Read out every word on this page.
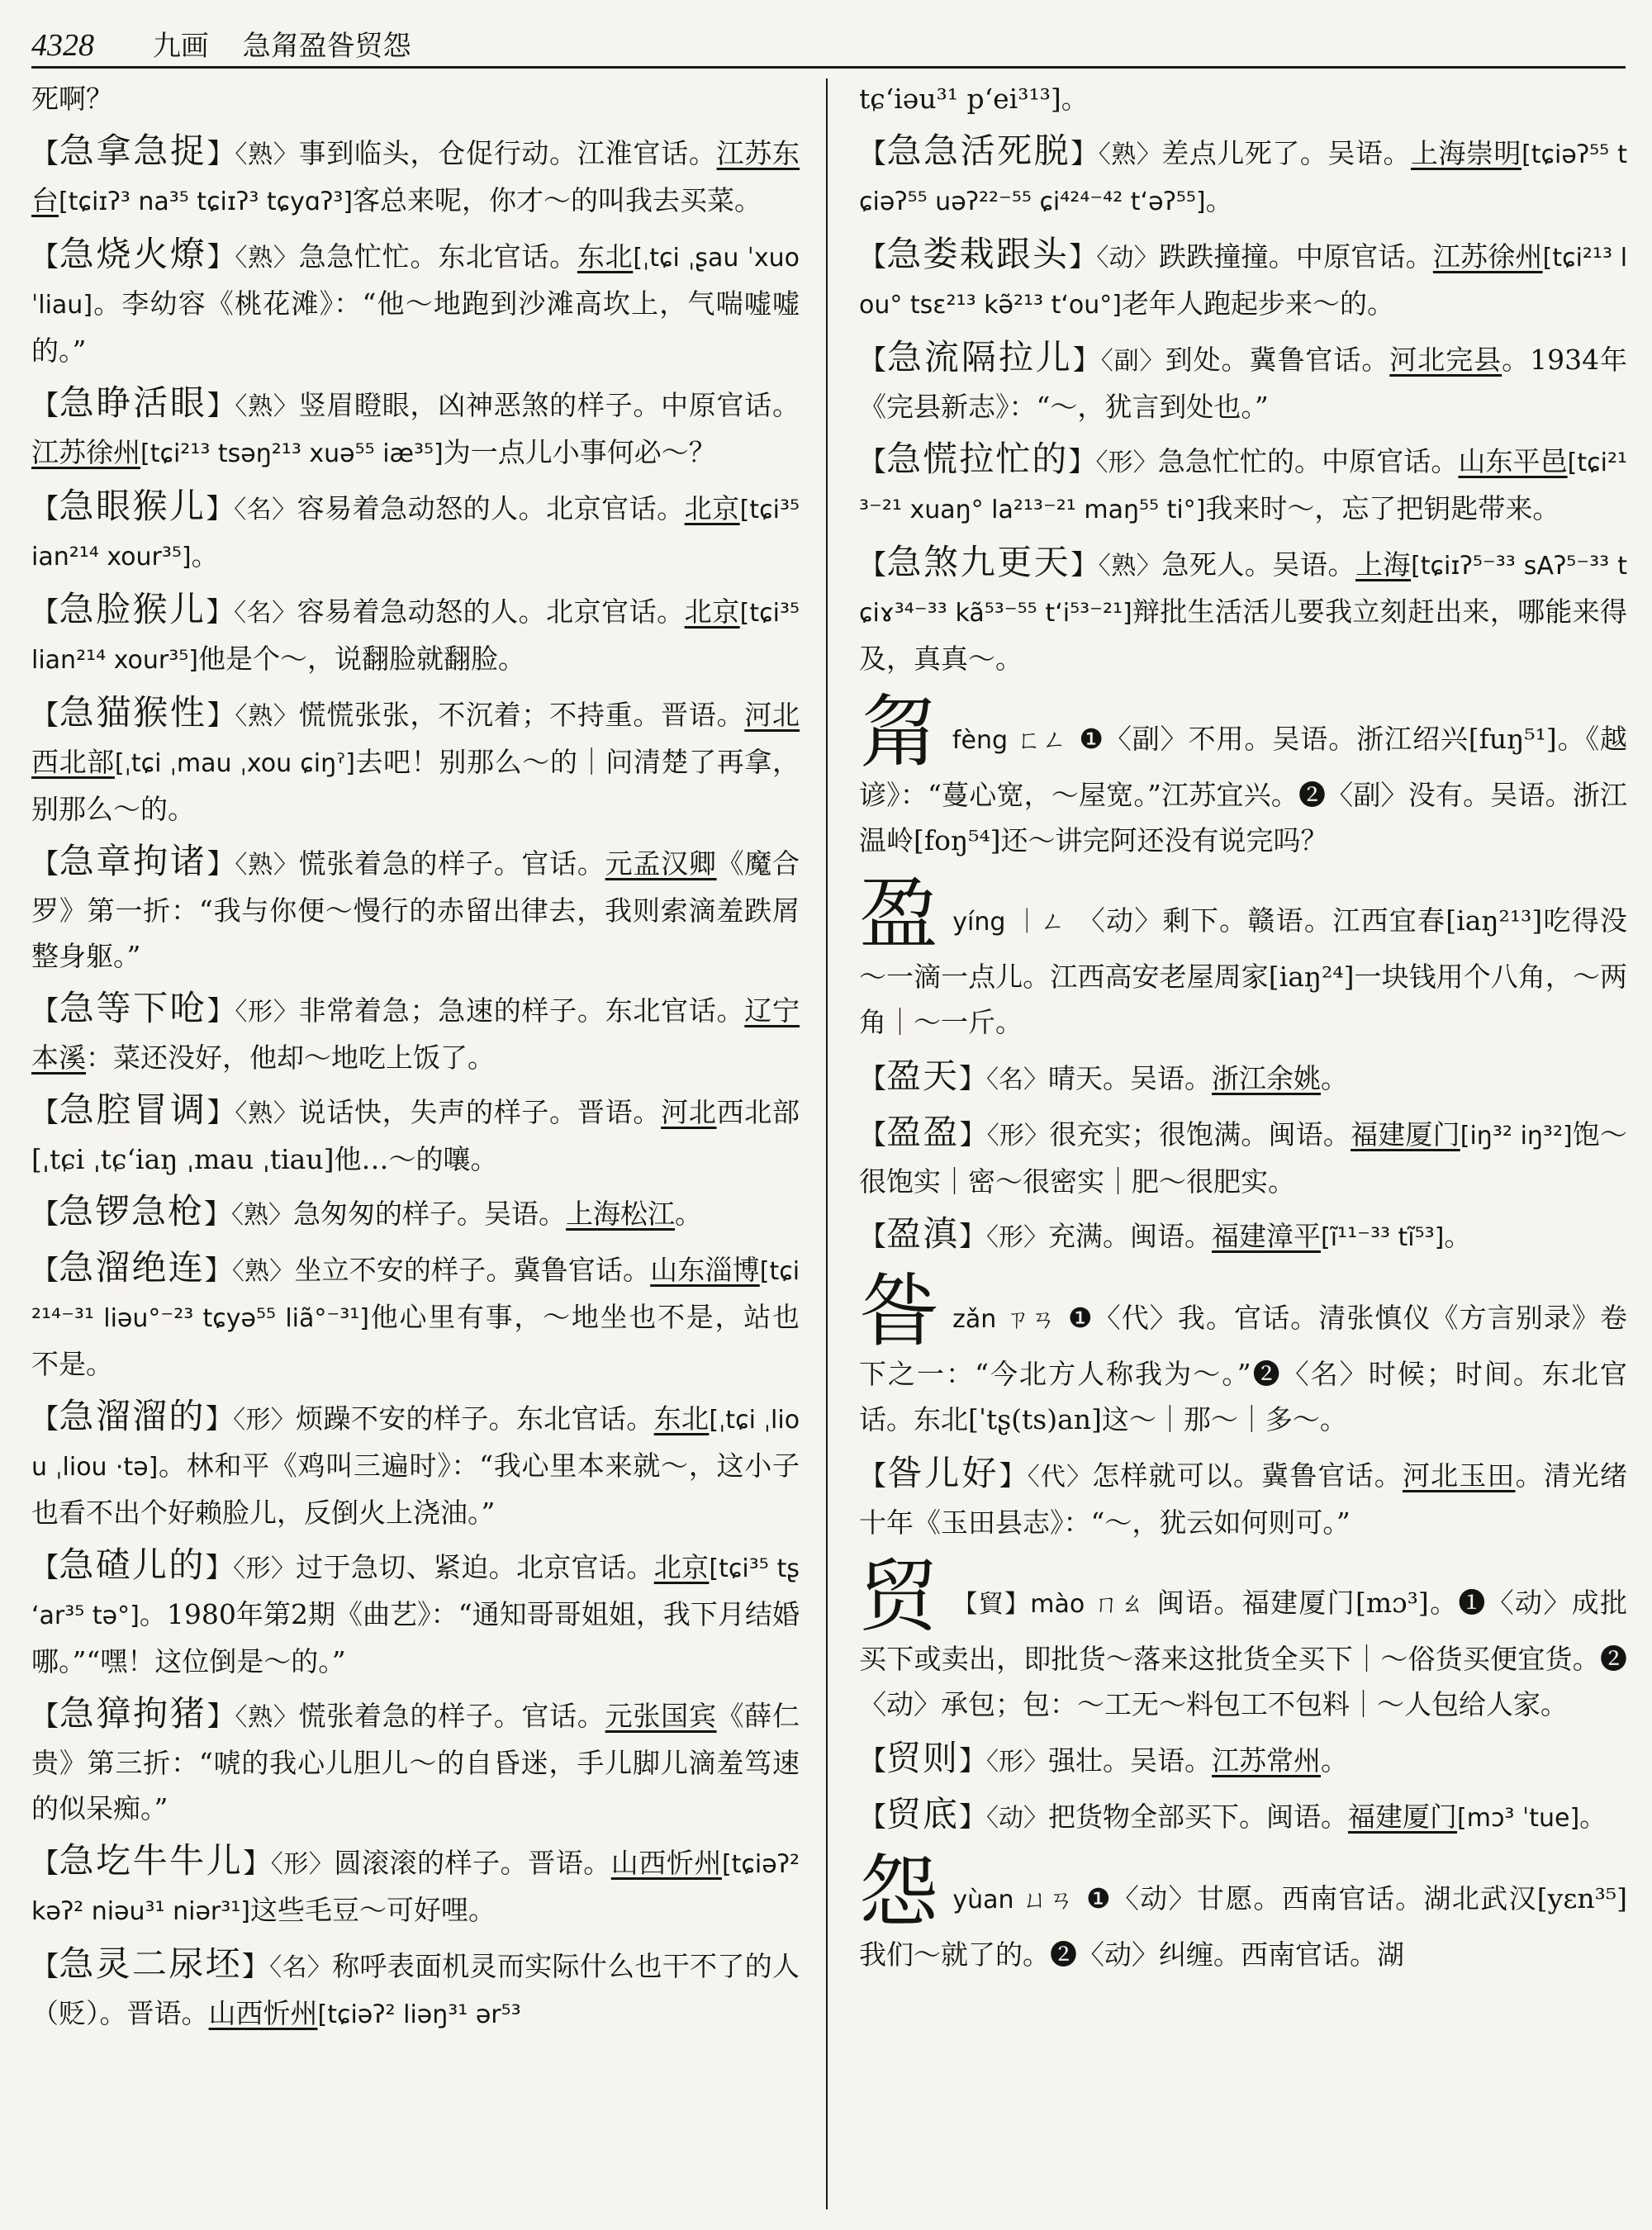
4328 九画 急甮盈昝贸怨
死啊？
【急拿急捉】〈熟〉事到临头，仓促行动。江淮官话。江苏东台[tɕiɪʔ³ na³⁵ tɕiɪʔ³ tɕyɑʔ³]客总来呢，你才～的叫我去买菜。
【急烧火燎】〈熟〉急急忙忙。东北官话。东北[ˌtɕi ˌʂau ˈxuo ˈliau]。李幼容《桃花滩》：“他～地跑到沙滩高坎上，气喘嘘嘘的。”
【急睁活眼】〈熟〉竖眉瞪眼，凶神恶煞的样子。中原官话。江苏徐州[tɕi²¹³ tsəŋ²¹³ xuə⁵⁵ iæ³⁵]为一点儿小事何必～？
【急眼猴儿】〈名〉容易着急动怒的人。北京官话。北京[tɕi³⁵ ian²¹⁴ xour³⁵]。
【急脸猴儿】〈名〉容易着急动怒的人。北京官话。北京[tɕi³⁵ lian²¹⁴ xour³⁵]他是个～，说翻脸就翻脸。
【急猫猴性】〈熟〉慌慌张张，不沉着；不持重。晋语。河北西北部[ˌtɕi ˌmau ˌxou ɕiŋˀ]去吧！别那么～的｜问清楚了再拿，别那么～的。
【急章拘诸】〈熟〉慌张着急的样子。官话。元孟汉卿《魔合罗》第一折：“我与你便～慢行的赤留出律去，我则索滴羞跌屑整身躯。”
【急等下呛】〈形〉非常着急；急速的样子。东北官话。辽宁本溪：菜还没好，他却～地吃上饭了。
【急腔冒调】〈熟〉说话快，失声的样子。晋语。河北西北部[ˌtɕi ˌtɕʻiaŋ ˌmau ˌtiau]他…～的嚷。
【急锣急枪】〈熟〉急匆匆的样子。吴语。上海松江。
【急溜绝连】〈熟〉坐立不安的样子。冀鲁官话。山东淄博[tɕi²¹⁴⁻³¹ liəu°⁻²³ tɕyə⁵⁵ liã°⁻³¹]他心里有事，～地坐也不是，站也不是。
【急溜溜的】〈形〉烦躁不安的样子。东北官话。东北[ˌtɕi ˌliou ˌliou ·tə]。林和平《鸡叫三遍时》：“我心里本来就～，这小子也看不出个好赖脸儿，反倒火上浇油。”
【急碴儿的】〈形〉过于急切、紧迫。北京官话。北京[tɕi³⁵ tʂʻar³⁵ tə°]。1980年第2期《曲艺》：“通知哥哥姐姐，我下月结婚哪。”“嘿！这位倒是～的。”
【急獐拘猪】〈熟〉慌张着急的样子。官话。元张国宾《薛仁贵》第三折：“唬的我心儿胆儿～的自昏迷，手儿脚儿滴羞笃速的似呆痴。”
【急圪牛牛儿】〈形〉圆滚滚的样子。晋语。山西忻州[tɕiəʔ² kəʔ² niəu³¹ niər³¹]这些毛豆～可好哩。
【急灵二尿坯】〈名〉称呼表面机灵而实际什么也干不了的人（贬）。晋语。山西忻州[tɕiəʔ² liəŋ³¹ ər⁵³
tɕʻiəu³¹ pʻei³¹³]。
【急急活死脱】〈熟〉差点儿死了。吴语。上海崇明[tɕiəʔ⁵⁵ tɕiəʔ⁵⁵ uəʔ²²⁻⁵⁵ ɕi⁴²⁴⁻⁴² tʻəʔ⁵⁵]。
【急娄栽跟头】〈动〉跌跌撞撞。中原官话。江苏徐州[tɕi²¹³ lou° tsɛ²¹³ kə̃²¹³ tʻou°]老年人跑起步来～的。
【急流隔拉儿】〈副〉到处。冀鲁官话。河北完县。1934年《完县新志》：“～，犹言到处也。”
【急慌拉忙的】〈形〉急急忙忙的。中原官话。山东平邑[tɕi²¹³⁻²¹ xuaŋ° la²¹³⁻²¹ maŋ⁵⁵ ti°]我来时～，忘了把钥匙带来。
【急煞九更天】〈熟〉急死人。吴语。上海[tɕiɪʔ⁵⁻³³ sAʔ⁵⁻³³ tɕiɤ³⁴⁻³³ kã⁵³⁻⁵⁵ tʻi⁵³⁻²¹]辩批生活活儿要我立刻赶出来，哪能来得及，真真～。
甮fèng ㄈㄥ ❶〈副〉不用。吴语。浙江绍兴[fuŋ⁵¹]。《越谚》：“蔓心宽，～屋宽。”江苏宜兴。❷〈副〉没有。吴语。浙江温岭[foŋ⁵⁴]还～讲完阿还没有说完吗？
盈yíng ｜ㄥ 〈动〉剩下。赣语。江西宜春[iaŋ²¹³]吃得没～一滴一点儿。江西高安老屋周家[iaŋ²⁴]一块钱用个八角，～两角｜～一斤。
【盈天】〈名〉晴天。吴语。浙江余姚。
【盈盈】〈形〉很充实；很饱满。闽语。福建厦门[iŋ³² iŋ³²]饱～很饱实｜密～很密实｜肥～很肥实。
【盈滇】〈形〉充满。闽语。福建漳平[ĩ¹¹⁻³³ tĩ⁵³]。
昝zǎn ㄗㄢ ❶〈代〉我。官话。清张慎仪《方言别录》卷下之一：“今北方人称我为～。”❷〈名〉时候；时间。东北官话。东北[ˈtʂ(ts)an]这～｜那～｜多～。
【昝儿好】〈代〉怎样就可以。冀鲁官话。河北玉田。清光绪十年《玉田县志》：“～，犹云如何则可。”
贸 【貿】mào ㄇㄠ 闽语。福建厦门[mɔ³]。❶〈动〉成批买下或卖出，即批货～落来这批货全买下｜～俗货买便宜货。❷〈动〉承包；包：～工无～料包工不包料｜～人包给人家。
【贸则】〈形〉强壮。吴语。江苏常州。
【贸底】〈动〉把货物全部买下。闽语。福建厦门[mɔ³ ˈtue]。
怨yùan ㄩㄢ ❶〈动〉甘愿。西南官话。湖北武汉[yɛn³⁵]我们～就了的。❷〈动〉纠缠。西南官话。湖
